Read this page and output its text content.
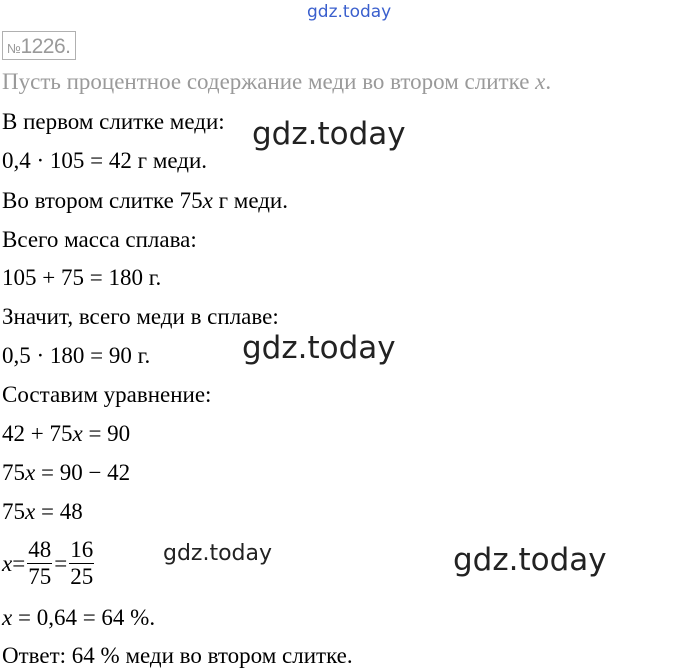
gdz.today
№1226.
Пусть процентное содержание меди во втором слитке x.
В первом слитке меди: gdz.today
0,4 · 105 = 42 г меди.
Во втором слитке 75x г меди.
Всего масса сплава:
105 + 75 = 180 г.
Значит, всего меди в сплаве:
0,5 · 180 = 90 г.	gdz.today
Составим уравнение:
42 + 75x = 90
75x = 90 − 42
75x = 48
$x= \frac{48}{75} = \frac{16}{25}$	gdz.today	gdz.today
x = 0,64 = 64 %.
Ответ: 64 % меди во втором слитке.
